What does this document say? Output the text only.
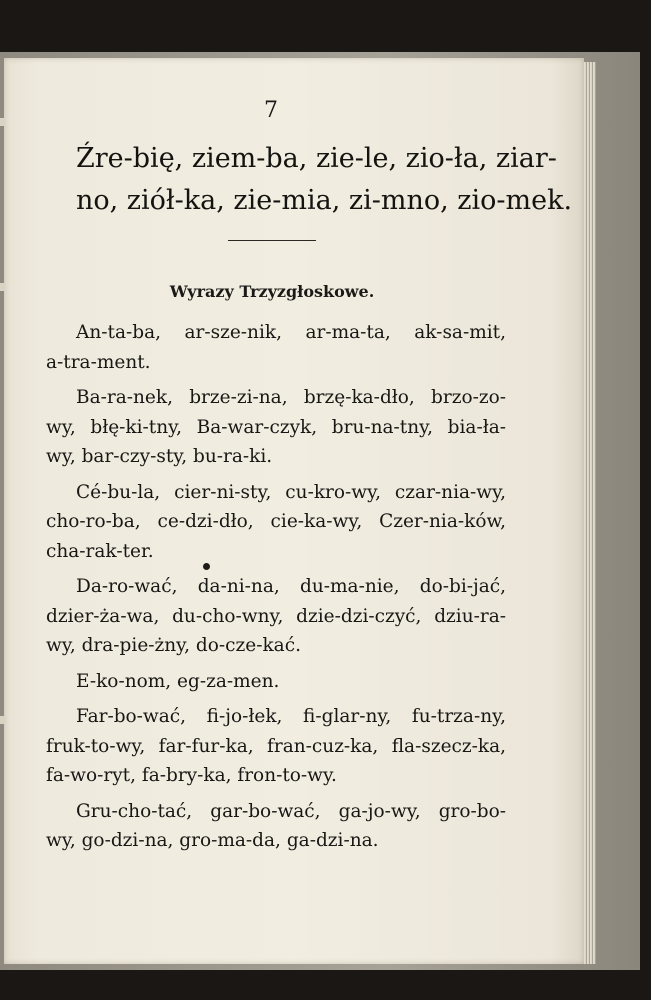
7
Źre-bię, ziem-ba, zie-le, zio-ła, ziar-
no, ziół-ka, zie-mia, zi-mno, zio-mek.
Wyrazy Trzyzgłoskowe.
An-ta-ba, ar-sze-nik, ar-ma-ta, ak-sa-mit,
a-tra-ment.
Ba-ra-nek, brze-zi-na, brzę-ka-dło, brzo-zo-
wy, błę-ki-tny, Ba-war-czyk, bru-na-tny, bia-ła-
wy, bar-czy-sty, bu-ra-ki.
Cé-bu-la, cier-ni-sty, cu-kro-wy, czar-nia-wy,
cho-ro-ba, ce-dzi-dło, cie-ka-wy, Czer-nia-ków,
cha-rak-ter.
Da-ro-wać, da-ni-na, du-ma-nie, do-bi-jać,
dzier-ża-wa, du-cho-wny, dzie-dzi-czyć, dziu-ra-
wy, dra-pie-żny, do-cze-kać.
E-ko-nom, eg-za-men.
Far-bo-wać, fi-jo-łek, fi-glar-ny, fu-trza-ny,
fruk-to-wy, far-fur-ka, fran-cuz-ka, fla-szecz-ka,
fa-wo-ryt, fa-bry-ka, fron-to-wy.
Gru-cho-tać, gar-bo-wać, ga-jo-wy, gro-bo-
wy, go-dzi-na, gro-ma-da, ga-dzi-na.
